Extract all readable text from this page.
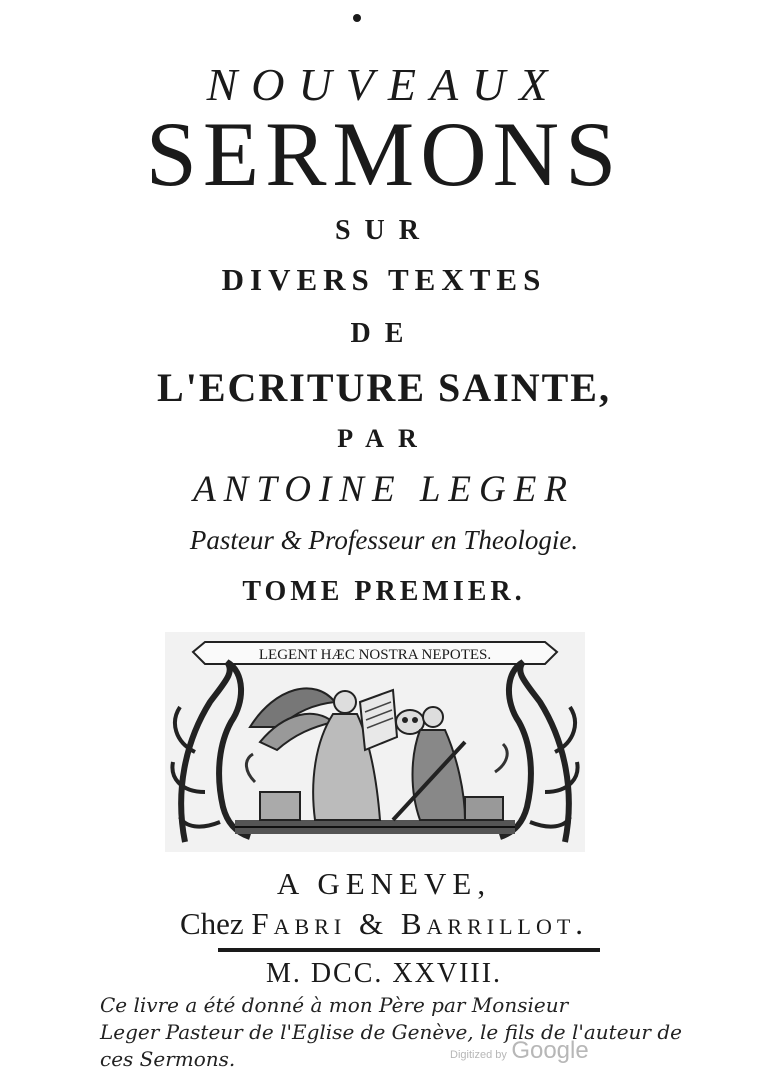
NOUVEAUX
SERMONS
SUR
DIVERS TEXTES
DE
L'ECRITURE SAINTE,
PAR
ANTOINE LEGER
Pasteur & Professeur en Theologie.
TOME PREMIER.
LEGENT HÆC NOSTRA NEPOTES.
A GENEVE,
Chez Fabri & Barrillot.
M. DCC. XXVIII.
Ce livre a été donné à mon Père par Monsieur
Leger Pasteur de l'Eglise de Genève, le fils de l'auteur de
ces Sermons.	Digitized by Google
